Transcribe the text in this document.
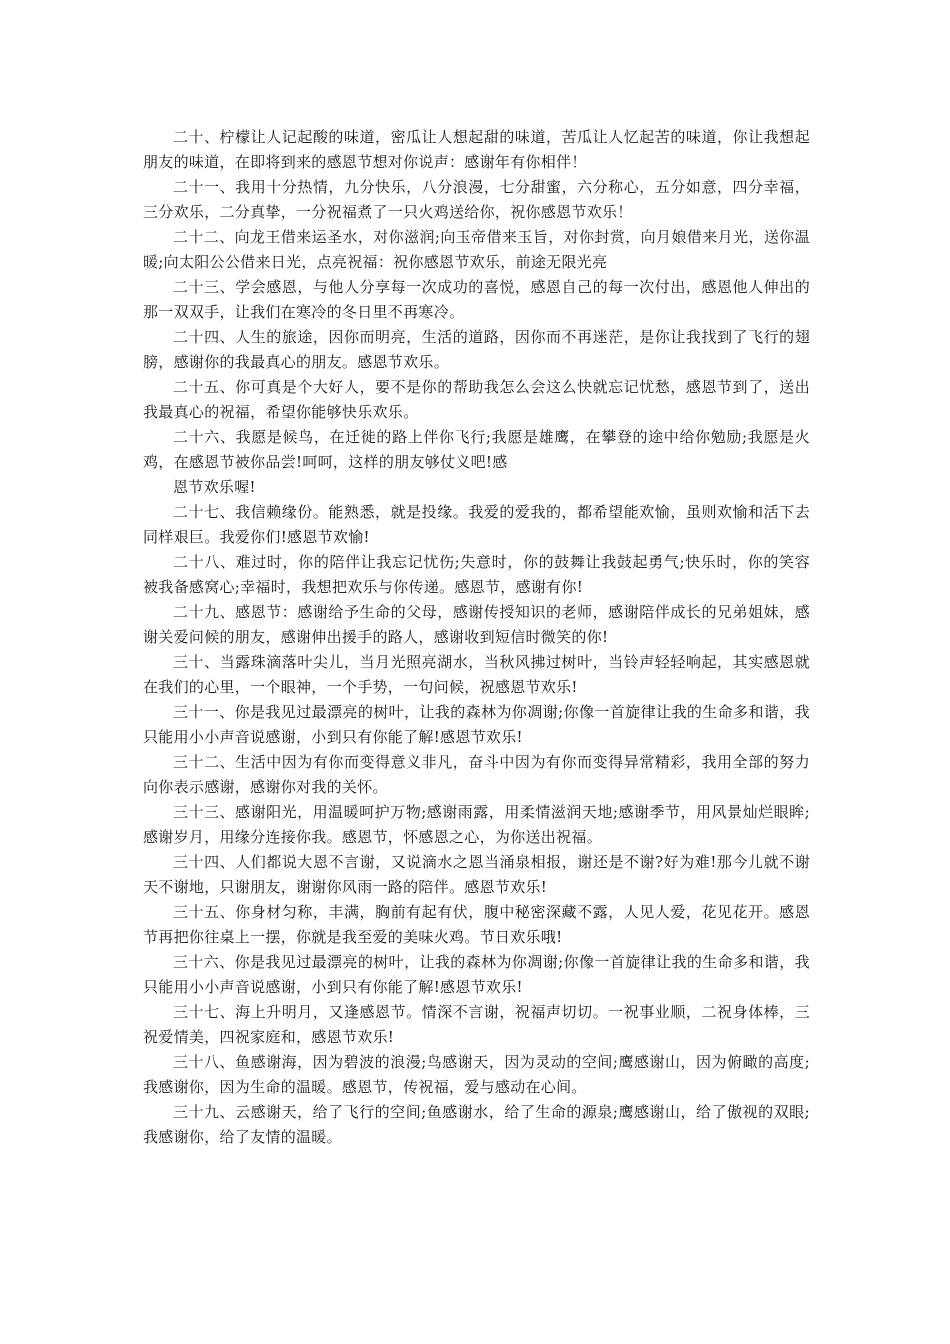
二十、柠檬让人记起酸的味道，密瓜让人想起甜的味道，苦瓜让人忆起苦的味道，你让我想起朋友的味道，在即将到来的感恩节想对你说声：感谢年有你相伴！

二十一、我用十分热情，九分快乐，八分浪漫，七分甜蜜，六分称心，五分如意，四分幸福，三分欢乐，二分真挚，一分祝福煮了一只火鸡送给你，祝你感恩节欢乐！

二十二、向龙王借来运圣水，对你滋润;向玉帝借来玉旨，对你封赏，向月娘借来月光，送你温暖;向太阳公公借来日光，点亮祝福：祝你感恩节欢乐，前途无限光亮

二十三、学会感恩，与他人分享每一次成功的喜悦，感恩自己的每一次付出，感恩他人伸出的那一双双手，让我们在寒冷的冬日里不再寒冷。

二十四、人生的旅途，因你而明亮，生活的道路，因你而不再迷茫，是你让我找到了飞行的翅膀，感谢你的我最真心的朋友。感恩节欢乐。

二十五、你可真是个大好人，要不是你的帮助我怎么会这么快就忘记忧愁，感恩节到了，送出我最真心的祝福，希望你能够快乐欢乐。

二十六、我愿是候鸟，在迁徙的路上伴你飞行;我愿是雄鹰，在攀登的途中给你勉励;我愿是火鸡，在感恩节被你品尝!呵呵，这样的朋友够仗义吧!感

恩节欢乐喔!

二十七、我信赖缘份。能熟悉，就是投缘。我爱的爱我的，都希望能欢愉，虽则欢愉和活下去同样艰巨。我爱你们!感恩节欢愉!

二十八、难过时，你的陪伴让我忘记忧伤;失意时，你的鼓舞让我鼓起勇气;快乐时，你的笑容被我备感窝心;幸福时，我想把欢乐与你传递。感恩节，感谢有你!

二十九、感恩节：感谢给予生命的父母，感谢传授知识的老师，感谢陪伴成长的兄弟姐妹，感谢关爱问候的朋友，感谢伸出援手的路人，感谢收到短信时微笑的你!

三十、当露珠滴落叶尖儿，当月光照亮湖水，当秋风拂过树叶，当铃声轻轻响起，其实感恩就在我们的心里，一个眼神，一个手势，一句问候，祝感恩节欢乐!

三十一、你是我见过最漂亮的树叶，让我的森林为你凋谢;你像一首旋律让我的生命多和谐，我只能用小小声音说感谢，小到只有你能了解!感恩节欢乐!

三十二、生活中因为有你而变得意义非凡，奋斗中因为有你而变得异常精彩，我用全部的努力向你表示感谢，感谢你对我的关怀。

三十三、感谢阳光，用温暖呵护万物;感谢雨露，用柔情滋润天地;感谢季节，用风景灿烂眼眸;感谢岁月，用缘分连接你我。感恩节，怀感恩之心，为你送出祝福。

三十四、人们都说大恩不言谢，又说滴水之恩当涌泉相报，谢还是不谢?好为难!那今儿就不谢天不谢地，只谢朋友，谢谢你风雨一路的陪伴。感恩节欢乐!

三十五、你身材匀称，丰满，胸前有起有伏，腹中秘密深藏不露，人见人爱，花见花开。感恩节再把你往桌上一摆，你就是我至爱的美味火鸡。节日欢乐哦!

三十六、你是我见过最漂亮的树叶，让我的森林为你凋谢;你像一首旋律让我的生命多和谐，我只能用小小声音说感谢，小到只有你能了解!感恩节欢乐!

三十七、海上升明月，又逢感恩节。情深不言谢，祝福声切切。一祝事业顺，二祝身体棒，三祝爱情美，四祝家庭和，感恩节欢乐!

三十八、鱼感谢海，因为碧波的浪漫;鸟感谢天，因为灵动的空间;鹰感谢山，因为俯瞰的高度;我感谢你，因为生命的温暖。感恩节，传祝福，爱与感动在心间。

三十九、云感谢天，给了飞行的空间;鱼感谢水，给了生命的源泉;鹰感谢山，给了傲视的双眼;我感谢你，给了友情的温暖。
